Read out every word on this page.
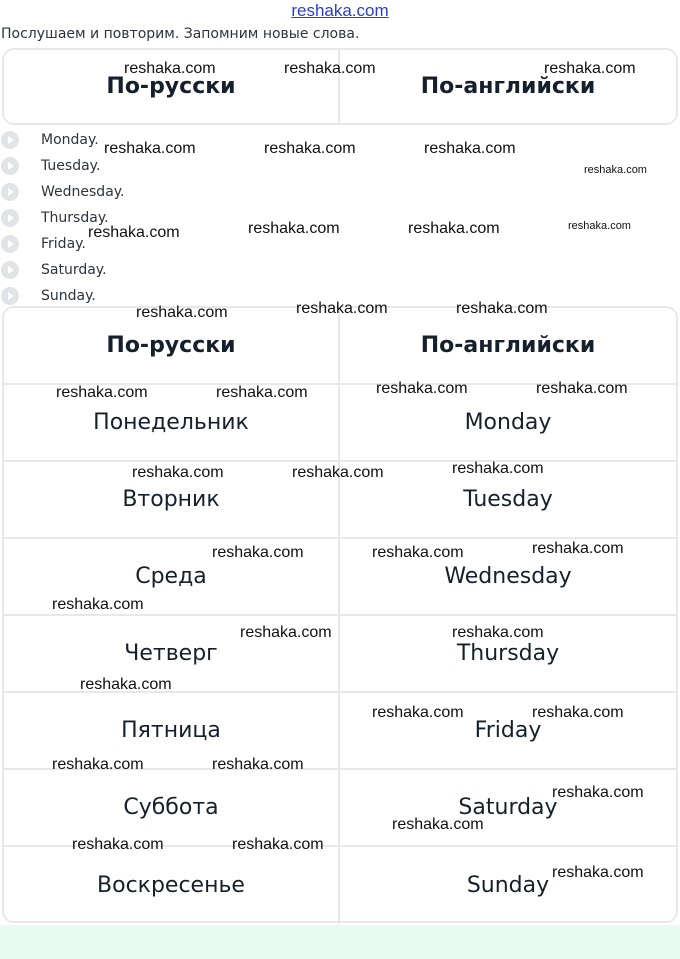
reshaka.com
Послушаем и повторим. Запомним новые слова.
По-русски	По-английски
Monday.
Tuesday.
Wednesday.
Thursday.
Friday.
Saturday.
Sunday.
По-русски	По-английски
Понедельник	Monday
Вторник	Tuesday
Среда	Wednesday
Четверг	Thursday
Пятница	Friday
Суббота	Saturday
Воскресенье	Sunday
reshaka.com	reshaka.com	reshaka.com
reshaka.com	reshaka.com	reshaka.com
reshaka.com
reshaka.com	reshaka.com	reshaka.com	reshaka.com
reshaka.com	reshaka.com	reshaka.com
reshaka.com	reshaka.com	reshaka.com	reshaka.com
reshaka.com	reshaka.com	reshaka.com
reshaka.com	reshaka.com	reshaka.com
reshaka.com
reshaka.com	reshaka.com
reshaka.com
reshaka.com	reshaka.com
reshaka.com	reshaka.com
reshaka.com
reshaka.com
reshaka.com	reshaka.com
reshaka.com
